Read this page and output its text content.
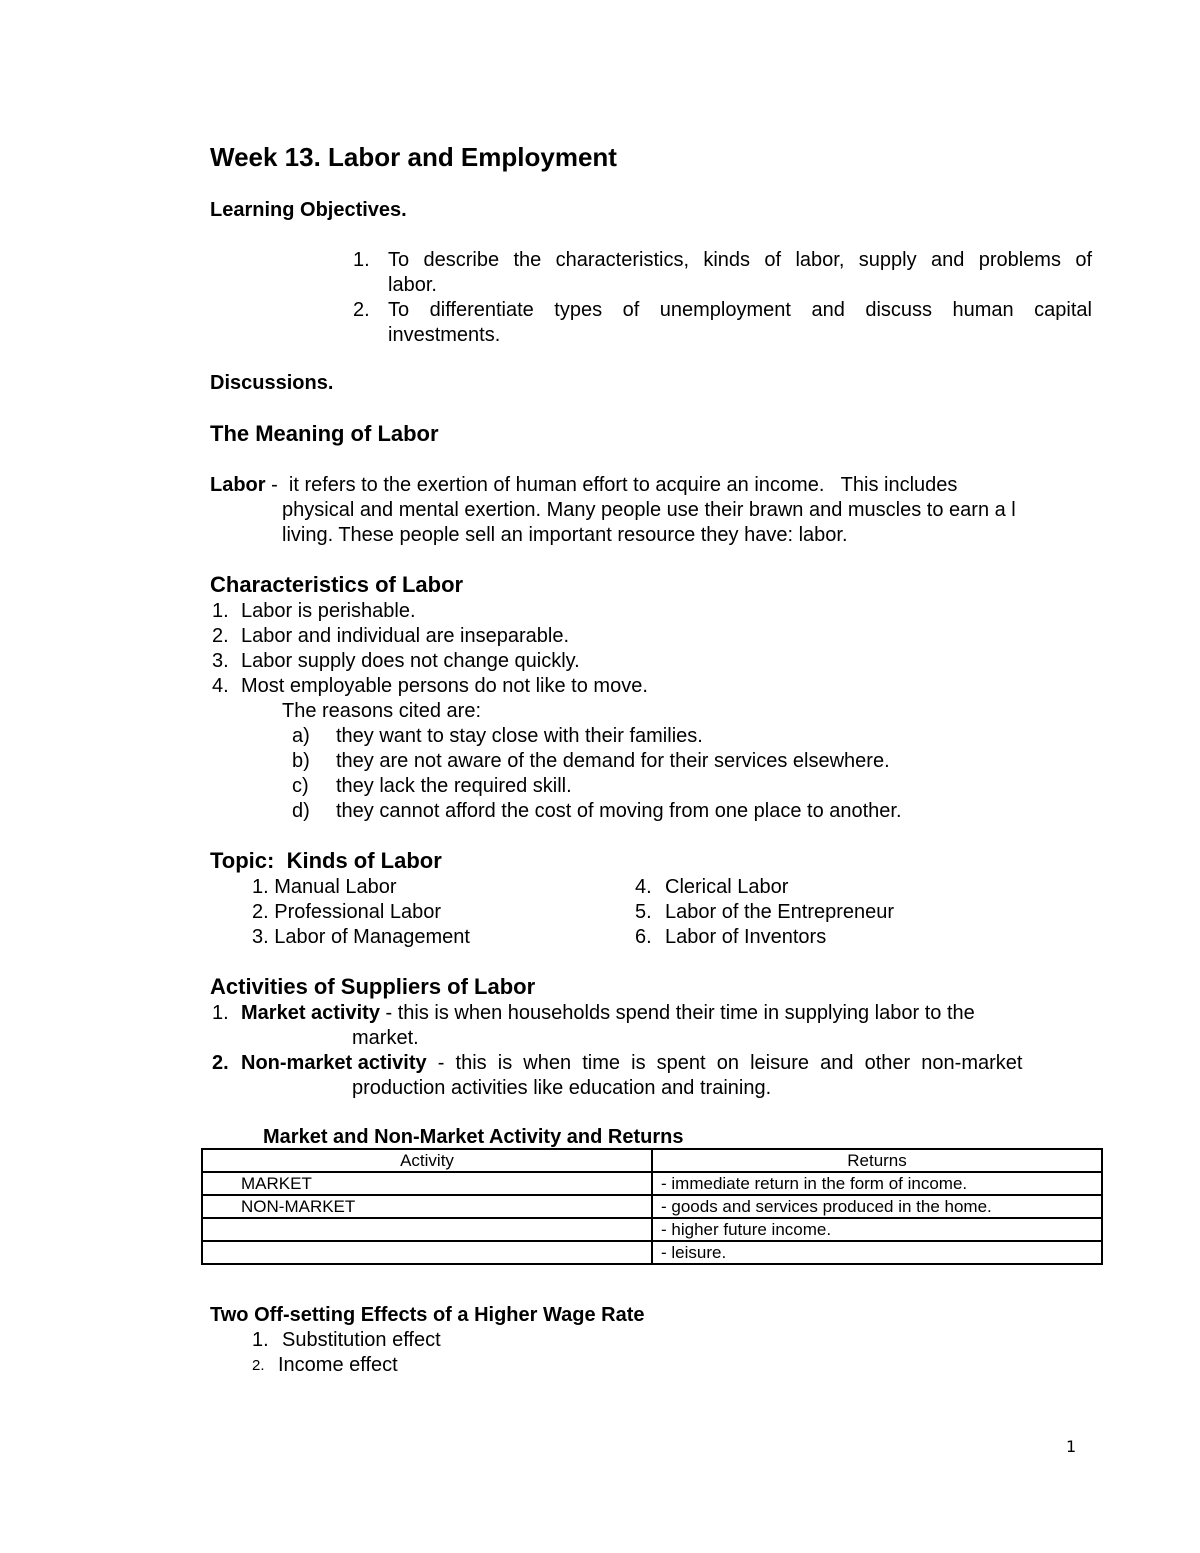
Week 13. Labor and Employment
Learning Objectives.
1. To describe the characteristics, kinds of labor, supply and problems of
labor.
2. To differentiate types of unemployment and discuss human capital
investments.
Discussions.
The Meaning of Labor
Labor -  it refers to the exertion of human effort to acquire an income.   This includes
physical and mental exertion. Many people use their brawn and muscles to earn a l
living. These people sell an important resource they have: labor.
Characteristics of Labor
1. Labor is perishable.
2. Labor and individual are inseparable.
3. Labor supply does not change quickly.
4. Most employable persons do not like to move.
The reasons cited are:
a) they want to stay close with their families.
b) they are not aware of the demand for their services elsewhere.
c) they lack the required skill.
d) they cannot afford the cost of moving from one place to another.
Topic:  Kinds of Labor
1. Manual Labor
2. Professional Labor
3. Labor of Management
4. Clerical Labor
5. Labor of the Entrepreneur
6. Labor of Inventors
Activities of Suppliers of Labor
1. Market activity - this is when households spend their time in supplying labor to the
market.
2. Non-market activity  -  this  is  when  time  is  spent  on  leisure  and  other  non-market
production activities like education and training.
Market and Non-Market Activity and Returns
Activity	Returns
MARKET	- immediate return in the form of income.
NON-MARKET	- goods and services produced in the home.
	- higher future income.
	- leisure.
Two Off-setting Effects of a Higher Wage Rate
1. Substitution effect
2. Income effect
1
